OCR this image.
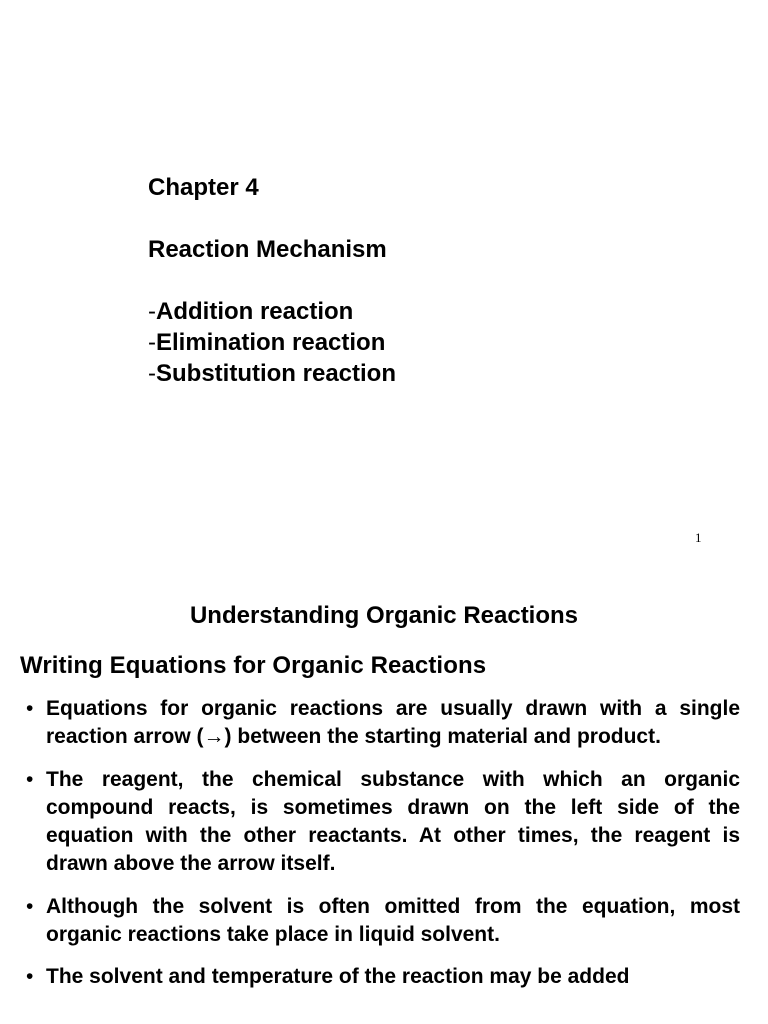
Chapter 4
Reaction Mechanism
-Addition reaction
-Elimination reaction
-Substitution reaction
1
Understanding Organic Reactions
Writing Equations for Organic Reactions
• Equations for organic reactions are usually drawn with a single reaction arrow (→) between the starting material and product.
• The reagent, the chemical substance with which an organic compound reacts, is sometimes drawn on the left side of the equation with the other reactants. At other times, the reagent is drawn above the arrow itself.
• Although the solvent is often omitted from the equation, most organic reactions take place in liquid solvent.
• The solvent and temperature of the reaction may be added
